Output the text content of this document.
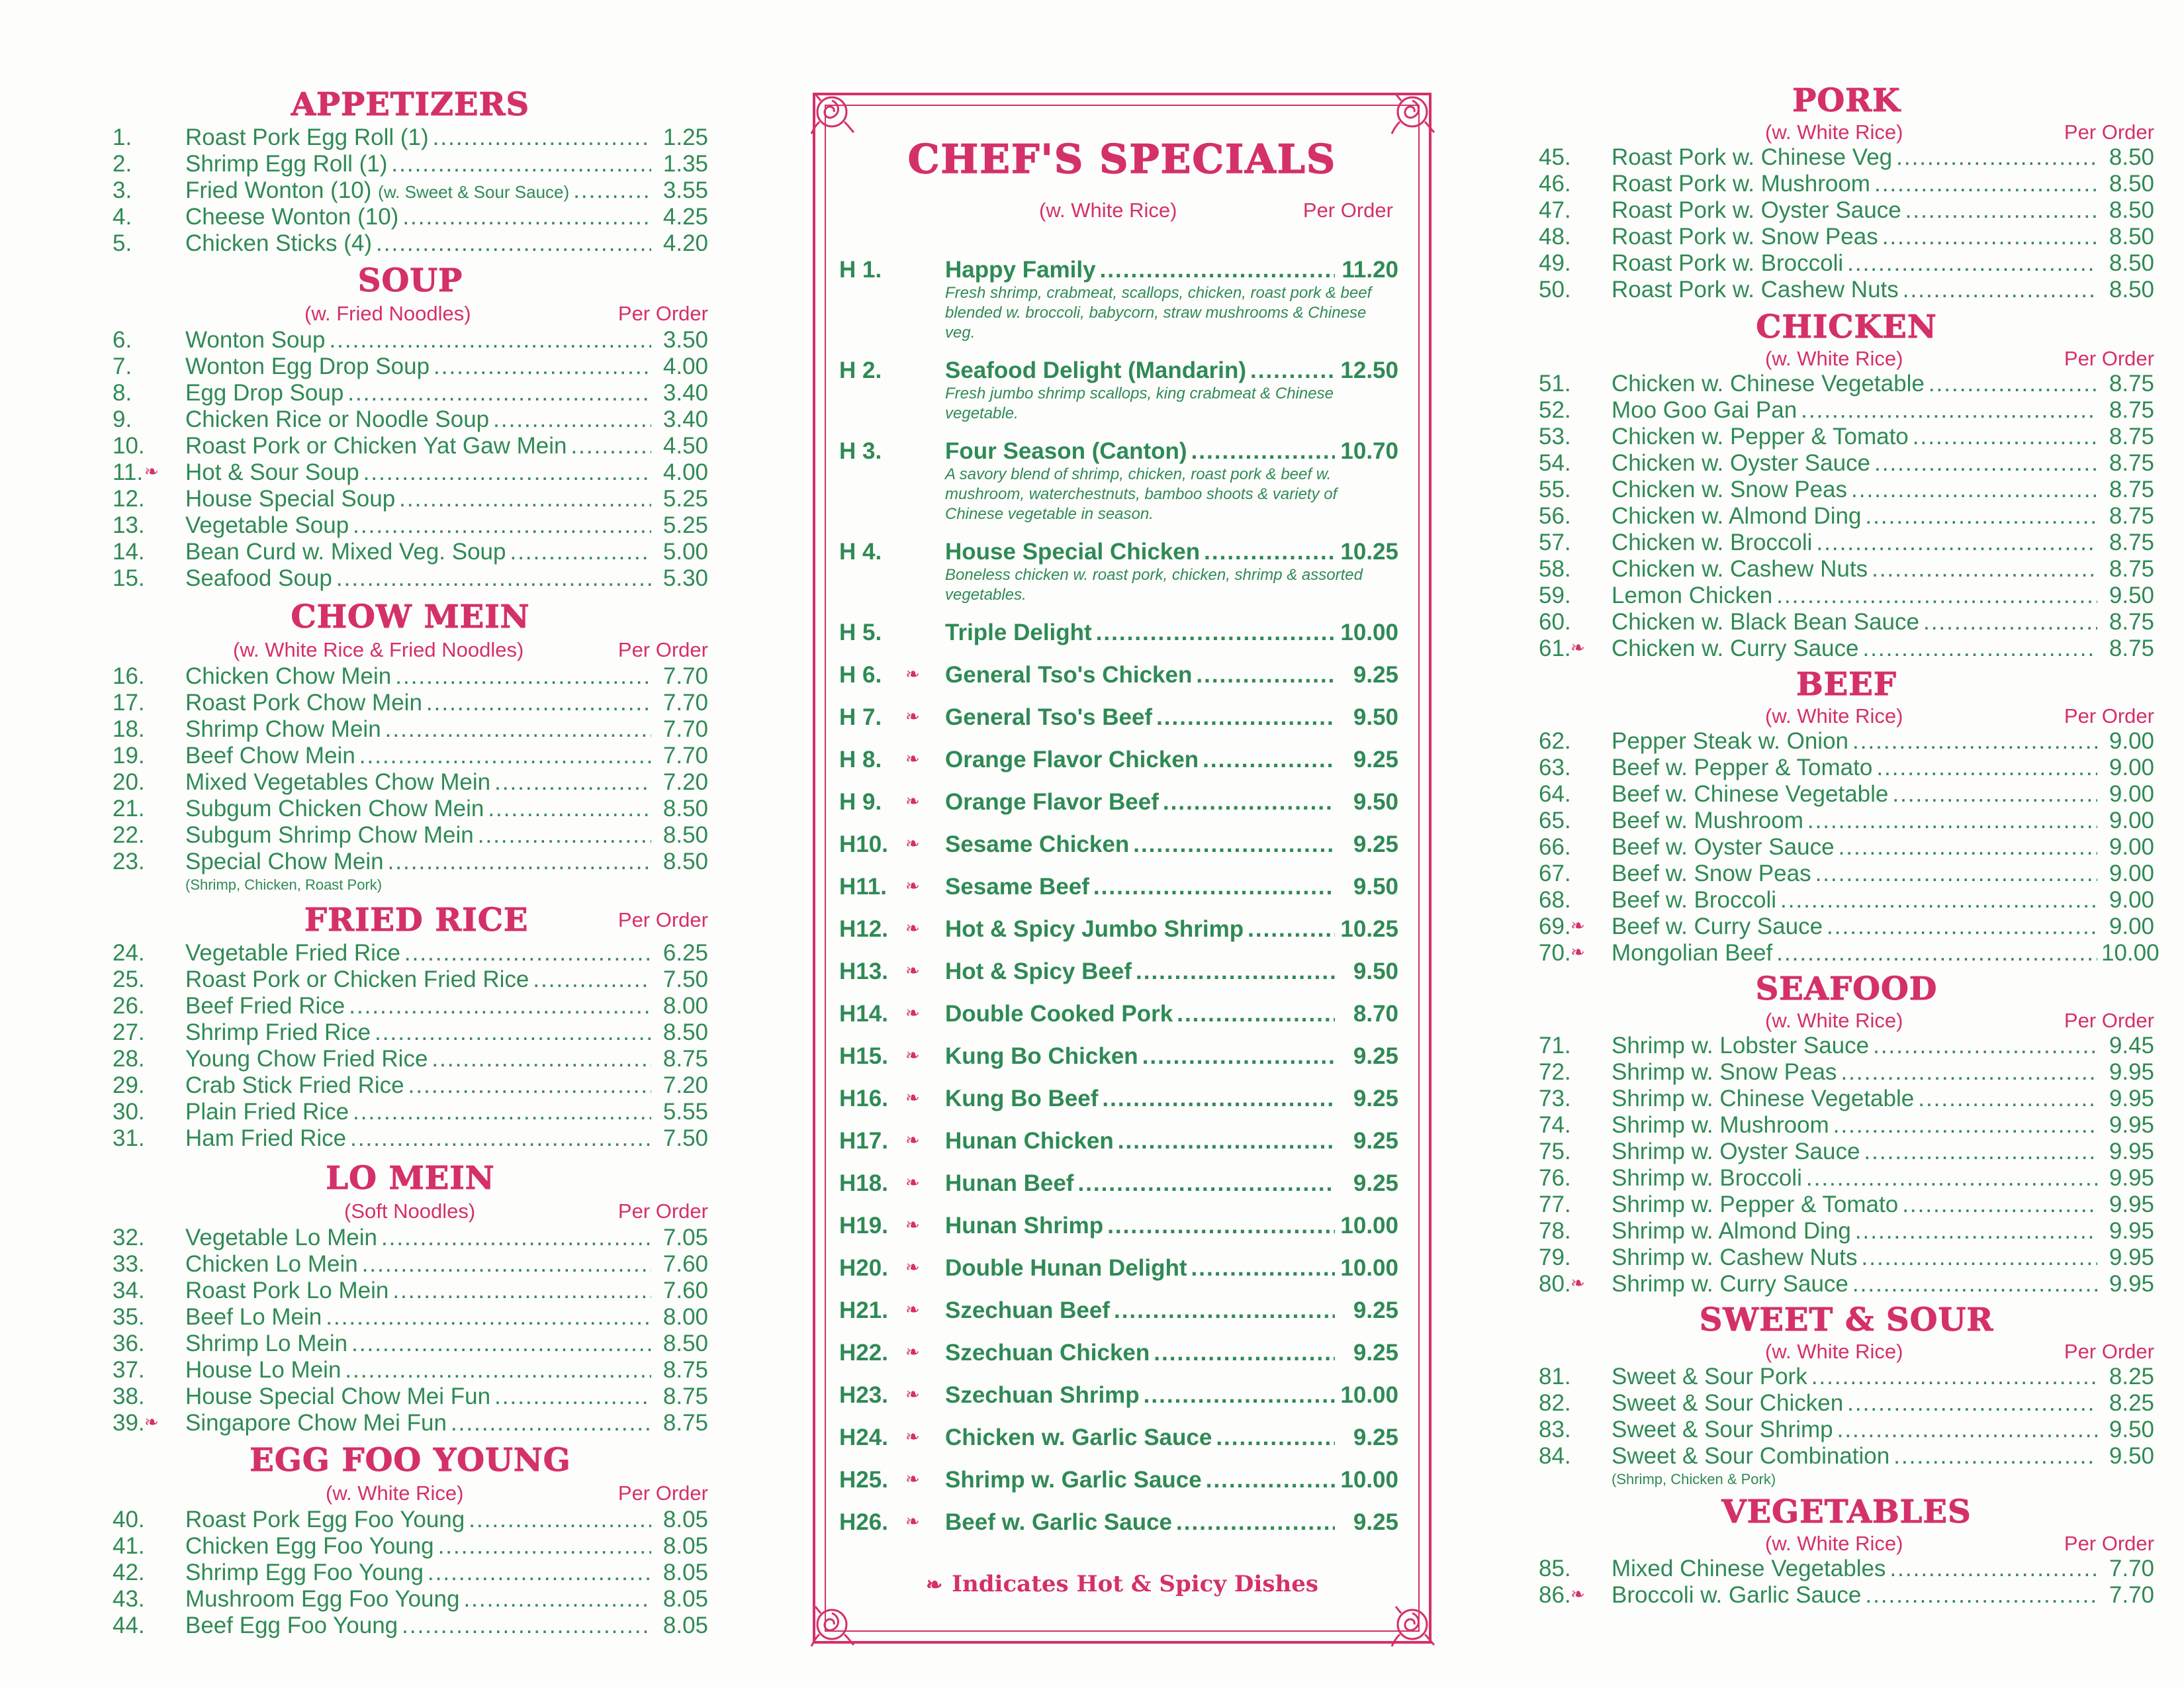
APPETIZERS
1.	Roast Pork Egg Roll (1) .....	1.25
2.	Shrimp Egg Roll (1) .....	1.35
3.	Fried Wonton (10) (w. Sweet & Sour Sauce) .....	3.55
4.	Cheese Wonton (10) .....	4.25
5.	Chicken Sticks (4) .....	4.20
SOUP
(w. Fried Noodles)	Per Order
6.	Wonton Soup .....	3.50
7.	Wonton Egg Drop Soup .....	4.00
8.	Egg Drop Soup .....	3.40
9.	Chicken Rice or Noodle Soup .....	3.40
10.	Roast Pork or Chicken Yat Gaw Mein .....	4.50
11. ❧ Hot & Sour Soup .....	4.00
12.	House Special Soup .....	5.25
13.	Vegetable Soup .....	5.25
14.	Bean Curd w. Mixed Veg. Soup .....	5.00
15.	Seafood Soup .....	5.30
CHOW MEIN
(w. White Rice & Fried Noodles)	Per Order
16.	Chicken Chow Mein .....	7.70
17.	Roast Pork Chow Mein .....	7.70
18.	Shrimp Chow Mein .....	7.70
19.	Beef Chow Mein .....	7.70
20.	Mixed Vegetables Chow Mein .....	7.20
21.	Subgum Chicken Chow Mein .....	8.50
22.	Subgum Shrimp Chow Mein .....	8.50
23.	Special Chow Mein .....	8.50
(Shrimp, Chicken, Roast Pork)
FRIED RICE	Per Order
24.	Vegetable Fried Rice .....	6.25
25.	Roast Pork or Chicken Fried Rice .....	7.50
26.	Beef Fried Rice .....	8.00
27.	Shrimp Fried Rice .....	8.50
28.	Young Chow Fried Rice .....	8.75
29.	Crab Stick Fried Rice .....	7.20
30.	Plain Fried Rice .....	5.55
31.	Ham Fried Rice .....	7.50
LO MEIN
(Soft Noodles)	Per Order
32.	Vegetable Lo Mein .....	7.05
33.	Chicken Lo Mein .....	7.60
34.	Roast Pork Lo Mein .....	7.60
35.	Beef Lo Mein .....	8.00
36.	Shrimp Lo Mein .....	8.50
37.	House Lo Mein .....	8.75
38.	House Special Chow Mei Fun .....	8.75
39. ❧ Singapore Chow Mei Fun .....	8.75
EGG FOO YOUNG
(w. White Rice)	Per Order
40.	Roast Pork Egg Foo Young .....	8.05
41.	Chicken Egg Foo Young .....	8.05
42.	Shrimp Egg Foo Young .....	8.05
43.	Mushroom Egg Foo Young .....	8.05
44.	Beef Egg Foo Young .....	8.05
CHEF'S SPECIALS
(w. White Rice)	Per Order
H 1.	Happy Family .....	11.20
Fresh shrimp, crabmeat, scallops, chicken, roast pork & beef blended w. broccoli, babycorn, straw mushrooms & Chinese veg.
H 2.	Seafood Delight (Mandarin) .....	12.50
Fresh jumbo shrimp scallops, king crabmeat & Chinese vegetable.
H 3.	Four Season (Canton) .....	10.70
A savory blend of shrimp, chicken, roast pork & beef w. mushroom, waterchestnuts, bamboo shoots & variety of Chinese vegetable in season.
H 4.	House Special Chicken .....	10.25
Boneless chicken w. roast pork, chicken, shrimp & assorted vegetables.
H 5.	Triple Delight .....	10.00
H 6. ❧ General Tso's Chicken .....	9.25
H 7. ❧ General Tso's Beef .....	9.50
H 8. ❧ Orange Flavor Chicken .....	9.25
H 9. ❧ Orange Flavor Beef .....	9.50
H10. ❧ Sesame Chicken .....	9.25
H11. ❧ Sesame Beef .....	9.50
H12. ❧ Hot & Spicy Jumbo Shrimp .....	10.25
H13. ❧ Hot & Spicy Beef .....	9.50
H14. ❧ Double Cooked Pork .....	8.70
H15. ❧ Kung Bo Chicken .....	9.25
H16. ❧ Kung Bo Beef .....	9.25
H17. ❧ Hunan Chicken .....	9.25
H18. ❧ Hunan Beef .....	9.25
H19. ❧ Hunan Shrimp .....	10.00
H20. ❧ Double Hunan Delight .....	10.00
H21. ❧ Szechuan Beef .....	9.25
H22. ❧ Szechuan Chicken .....	9.25
H23. ❧ Szechuan Shrimp .....	10.00
H24. ❧ Chicken w. Garlic Sauce .....	9.25
H25. ❧ Shrimp w. Garlic Sauce .....	10.00
H26. ❧ Beef w. Garlic Sauce .....	9.25
❧ Indicates Hot & Spicy Dishes
PORK
(w. White Rice)	Per Order
45.	Roast Pork w. Chinese Veg .....	8.50
46.	Roast Pork w. Mushroom .....	8.50
47.	Roast Pork w. Oyster Sauce .....	8.50
48.	Roast Pork w. Snow Peas .....	8.50
49.	Roast Pork w. Broccoli .....	8.50
50.	Roast Pork w. Cashew Nuts .....	8.50
CHICKEN
(w. White Rice)	Per Order
51.	Chicken w. Chinese Vegetable .....	8.75
52.	Moo Goo Gai Pan .....	8.75
53.	Chicken w. Pepper & Tomato .....	8.75
54.	Chicken w. Oyster Sauce .....	8.75
55.	Chicken w. Snow Peas .....	8.75
56.	Chicken w. Almond Ding .....	8.75
57.	Chicken w. Broccoli .....	8.75
58.	Chicken w. Cashew Nuts .....	8.75
59.	Lemon Chicken .....	9.50
60.	Chicken w. Black Bean Sauce .....	8.75
61. ❧ Chicken w. Curry Sauce .....	8.75
BEEF
(w. White Rice)	Per Order
62.	Pepper Steak w. Onion .....	9.00
63.	Beef w. Pepper & Tomato .....	9.00
64.	Beef w. Chinese Vegetable .....	9.00
65.	Beef w. Mushroom .....	9.00
66.	Beef w. Oyster Sauce .....	9.00
67.	Beef w. Snow Peas .....	9.00
68.	Beef w. Broccoli .....	9.00
69. ❧ Beef w. Curry Sauce .....	9.00
70. ❧ Mongolian Beef .....	10.00
SEAFOOD
(w. White Rice)	Per Order
71.	Shrimp w. Lobster Sauce .....	9.45
72.	Shrimp w. Snow Peas .....	9.95
73.	Shrimp w. Chinese Vegetable .....	9.95
74.	Shrimp w. Mushroom .....	9.95
75.	Shrimp w. Oyster Sauce .....	9.95
76.	Shrimp w. Broccoli .....	9.95
77.	Shrimp w. Pepper & Tomato .....	9.95
78.	Shrimp w. Almond Ding .....	9.95
79.	Shrimp w. Cashew Nuts .....	9.95
80. ❧ Shrimp w. Curry Sauce .....	9.95
SWEET & SOUR
(w. White Rice)	Per Order
81.	Sweet & Sour Pork .....	8.25
82.	Sweet & Sour Chicken .....	8.25
83.	Sweet & Sour Shrimp .....	9.50
84.	Sweet & Sour Combination .....	9.50
(Shrimp, Chicken & Pork)
VEGETABLES
(w. White Rice)	Per Order
85.	Mixed Chinese Vegetables .....	7.70
86. ❧ Broccoli w. Garlic Sauce .....	7.70
